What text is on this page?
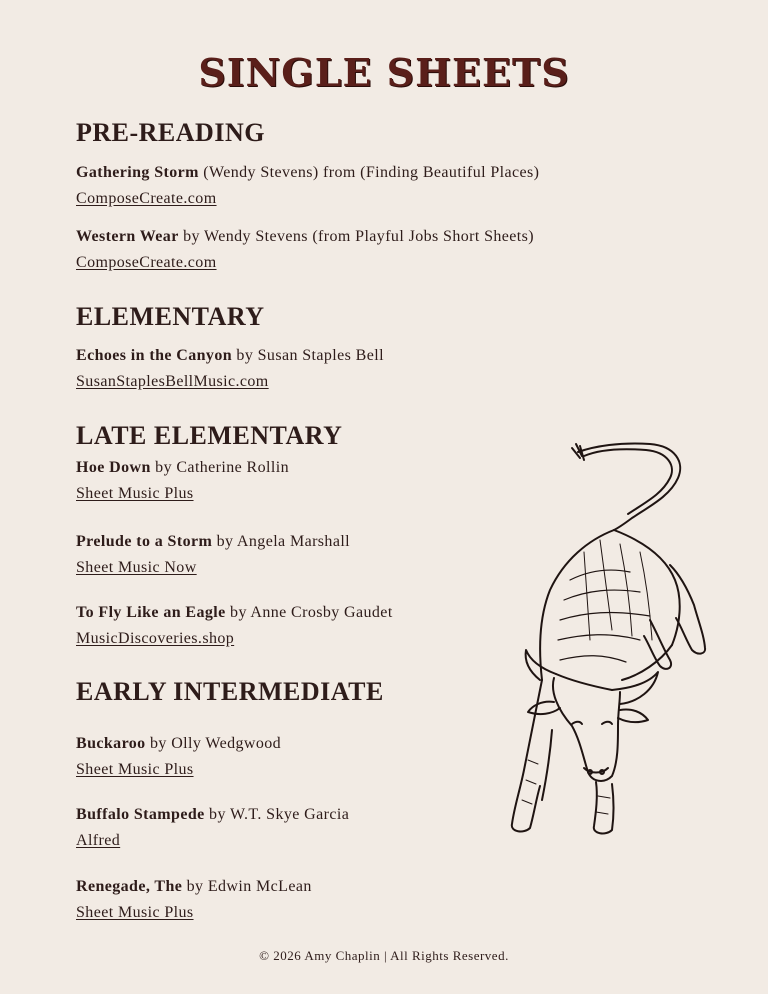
SINGLE SHEETS
PRE-READING
Gathering Storm (Wendy Stevens) from (Finding Beautiful Places)
ComposeCreate.com
Western Wear by Wendy Stevens (from Playful Jobs Short Sheets)
ComposeCreate.com
ELEMENTARY
Echoes in the Canyon by Susan Staples Bell
SusanStaplesBellMusic.com
LATE ELEMENTARY
Hoe Down by Catherine Rollin
Sheet Music Plus
Prelude to a Storm by Angela Marshall
Sheet Music Now
To Fly Like an Eagle by Anne Crosby Gaudet
MusicDiscoveries.shop
EARLY INTERMEDIATE
Buckaroo by Olly Wedgwood
Sheet Music Plus
Buffalo Stampede by W.T. Skye Garcia
Alfred
Renegade, The by Edwin McLean
Sheet Music Plus
© 2026 Amy Chaplin | All Rights Reserved.
